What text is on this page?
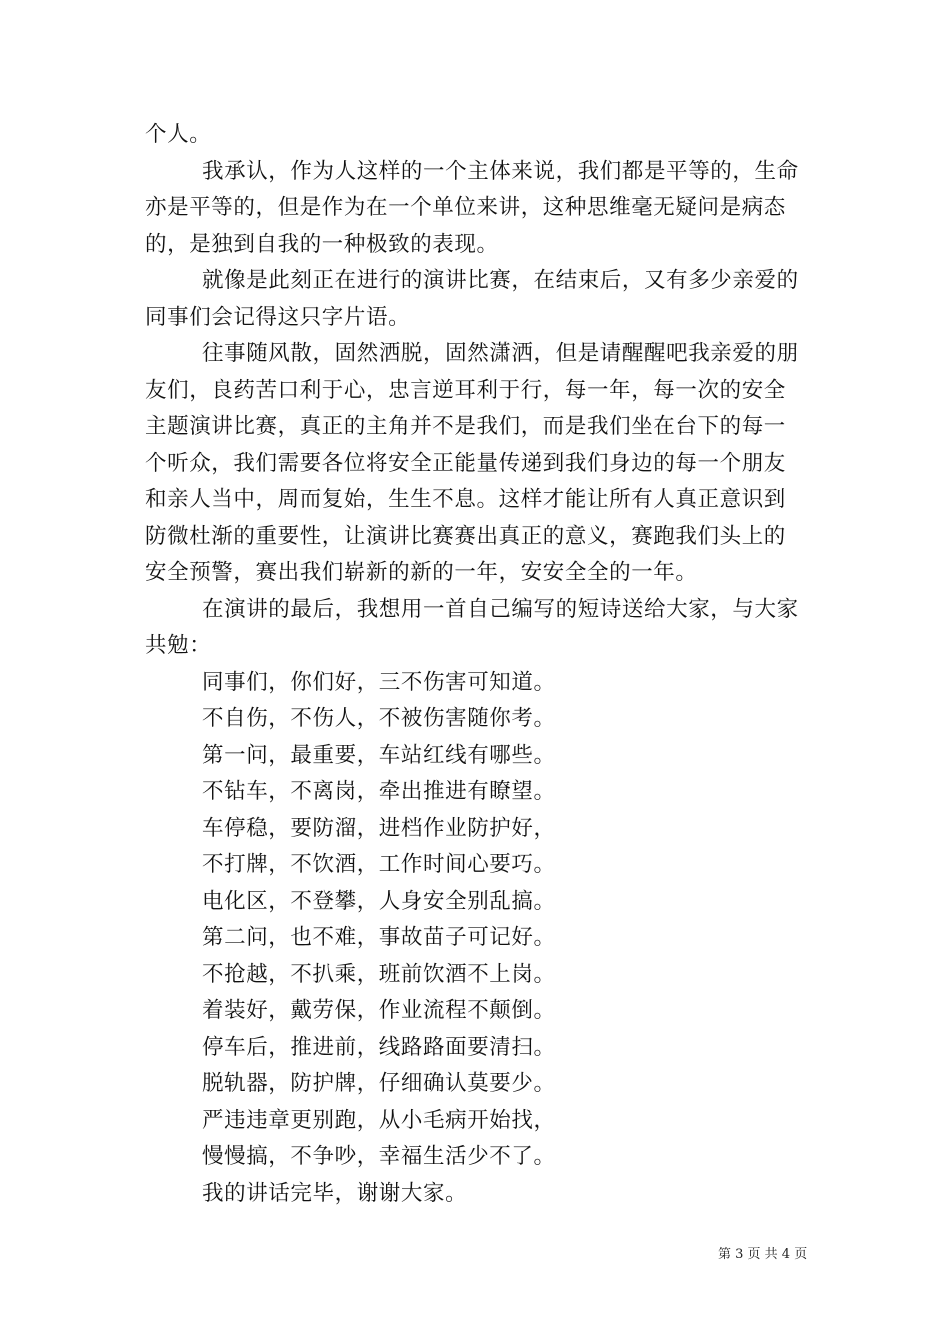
个人。
我承认，作为人这样的一个主体来说，我们都是平等的，生命
亦是平等的，但是作为在一个单位来讲，这种思维毫无疑问是病态
的，是独到自我的一种极致的表现。
就像是此刻正在进行的演讲比赛，在结束后，又有多少亲爱的
同事们会记得这只字片语。
往事随风散，固然洒脱，固然潇洒，但是请醒醒吧我亲爱的朋
友们，良药苦口利于心，忠言逆耳利于行，每一年，每一次的安全
主题演讲比赛，真正的主角并不是我们，而是我们坐在台下的每一
个听众，我们需要各位将安全正能量传递到我们身边的每一个朋友
和亲人当中，周而复始，生生不息。这样才能让所有人真正意识到
防微杜渐的重要性，让演讲比赛赛出真正的意义，赛跑我们头上的
安全预警，赛出我们崭新的新的一年，安安全全的一年。
在演讲的最后，我想用一首自己编写的短诗送给大家，与大家
共勉：
同事们，你们好，三不伤害可知道。
不自伤，不伤人，不被伤害随你考。
第一问，最重要，车站红线有哪些。
不钻车，不离岗，牵出推进有瞭望。
车停稳，要防溜，进档作业防护好，
不打牌，不饮酒，工作时间心要巧。
电化区，不登攀，人身安全别乱搞。
第二问，也不难，事故苗子可记好。
不抢越，不扒乘，班前饮酒不上岗。
着装好，戴劳保，作业流程不颠倒。
停车后，推进前，线路路面要清扫。
脱轨器，防护牌，仔细确认莫要少。
严违违章更别跑，从小毛病开始找，
慢慢搞，不争吵，幸福生活少不了。
我的讲话完毕，谢谢大家。
第 3 页 共 4 页
